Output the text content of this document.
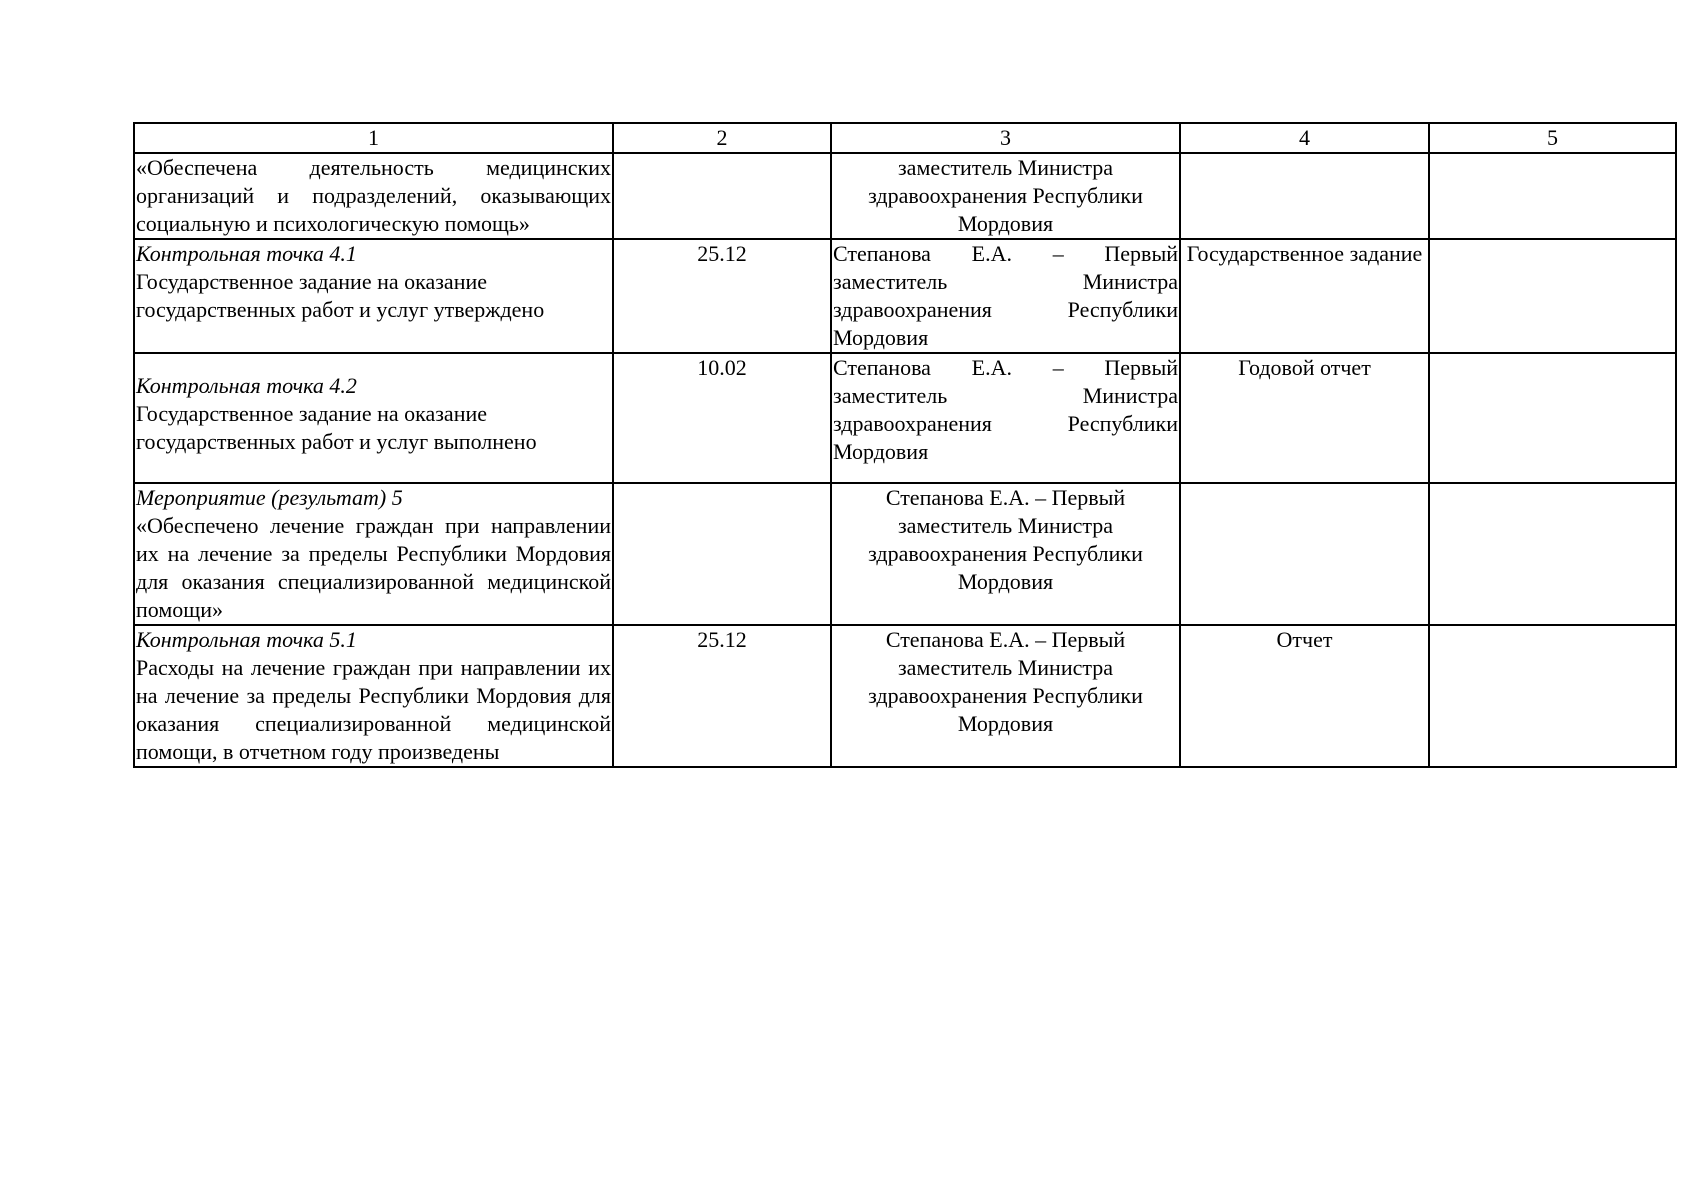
1	2	3	4	5
«Обеспечена деятельность медицинских организаций и подразделений, оказывающих социальную и психологическую помощь»		заместитель Министра здравоохранения Республики Мордовия		

Контрольная точка 4.1
Государственное задание на оказание государственных работ и услуг утверждено	25.12	Степанова Е.А. – Первый заместитель Министра здравоохранения Республики Мордовия	Государственное задание	

Контрольная точка 4.2
Государственное задание на оказание государственных работ и услуг выполнено	10.02	Степанова Е.А. – Первый заместитель Министра здравоохранения Республики Мордовия	Годовой отчет	

Мероприятие (результат) 5
«Обеспечено лечение граждан при направлении их на лечение за пределы Республики Мордовия для оказания специализированной медицинской помощи»		Степанова Е.А. – Первый заместитель Министра здравоохранения Республики Мордовия		

Контрольная точка 5.1
Расходы на лечение граждан при направлении их на лечение за пределы Республики Мордовия для оказания специализированной медицинской помощи, в отчетном году произведены	25.12	Степанова Е.А. – Первый заместитель Министра здравоохранения Республики Мордовия	Отчет	
